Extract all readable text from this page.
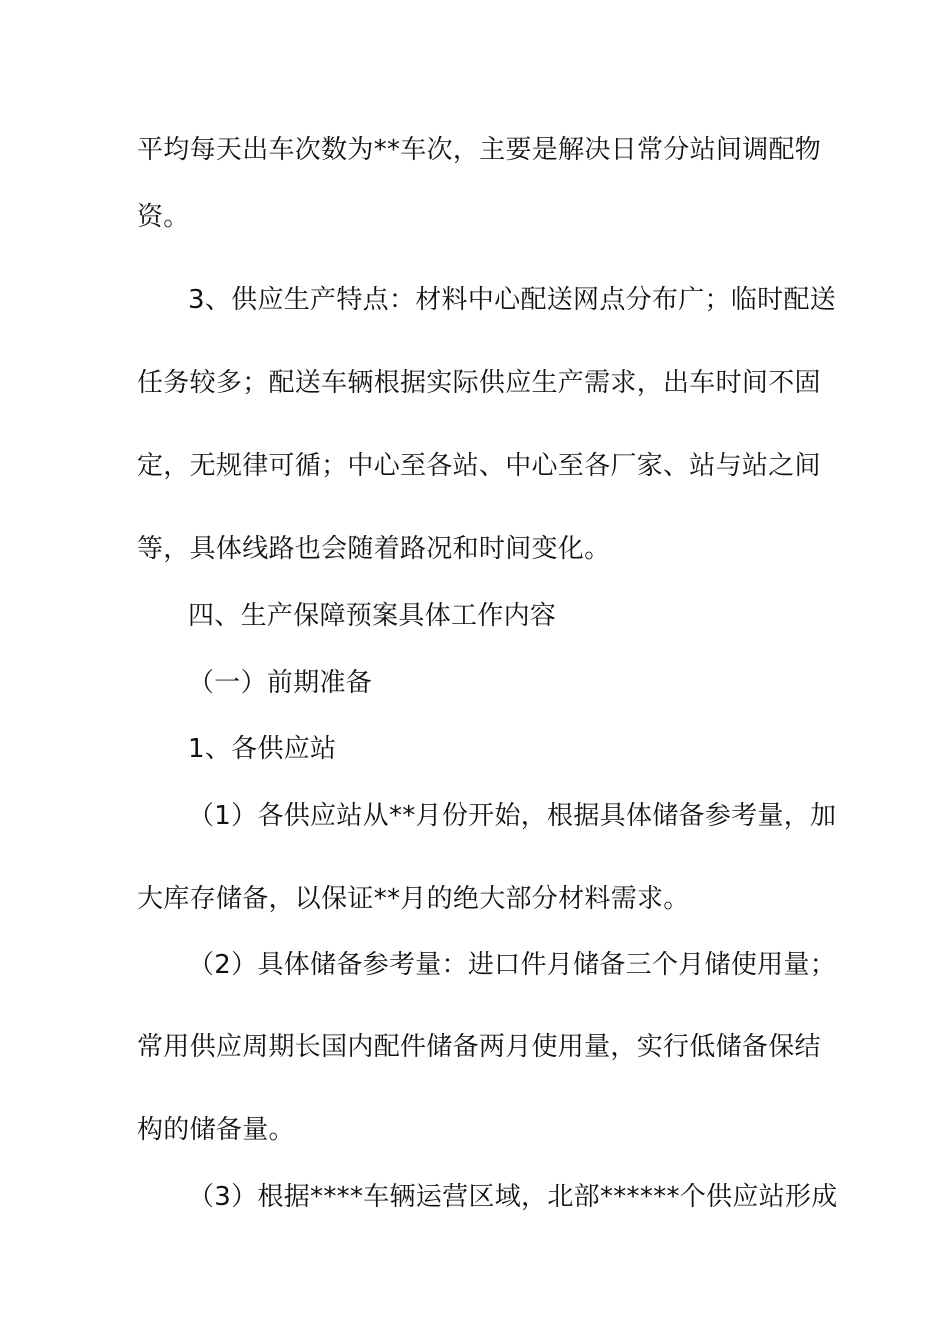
平均每天出车次数为**车次，主要是解决日常分站间调配物
资。
3、供应生产特点：材料中心配送网点分布广；临时配送
任务较多；配送车辆根据实际供应生产需求，出车时间不固
定，无规律可循；中心至各站、中心至各厂家、站与站之间
等，具体线路也会随着路况和时间变化。
四、生产保障预案具体工作内容
（一）前期准备
1、各供应站
（1）各供应站从**月份开始，根据具体储备参考量，加
大库存储备，以保证**月的绝大部分材料需求。
（2）具体储备参考量：进口件月储备三个月储使用量；
常用供应周期长国内配件储备两月使用量，实行低储备保结
构的储备量。
（3）根据****车辆运营区域，北部******个供应站形成
